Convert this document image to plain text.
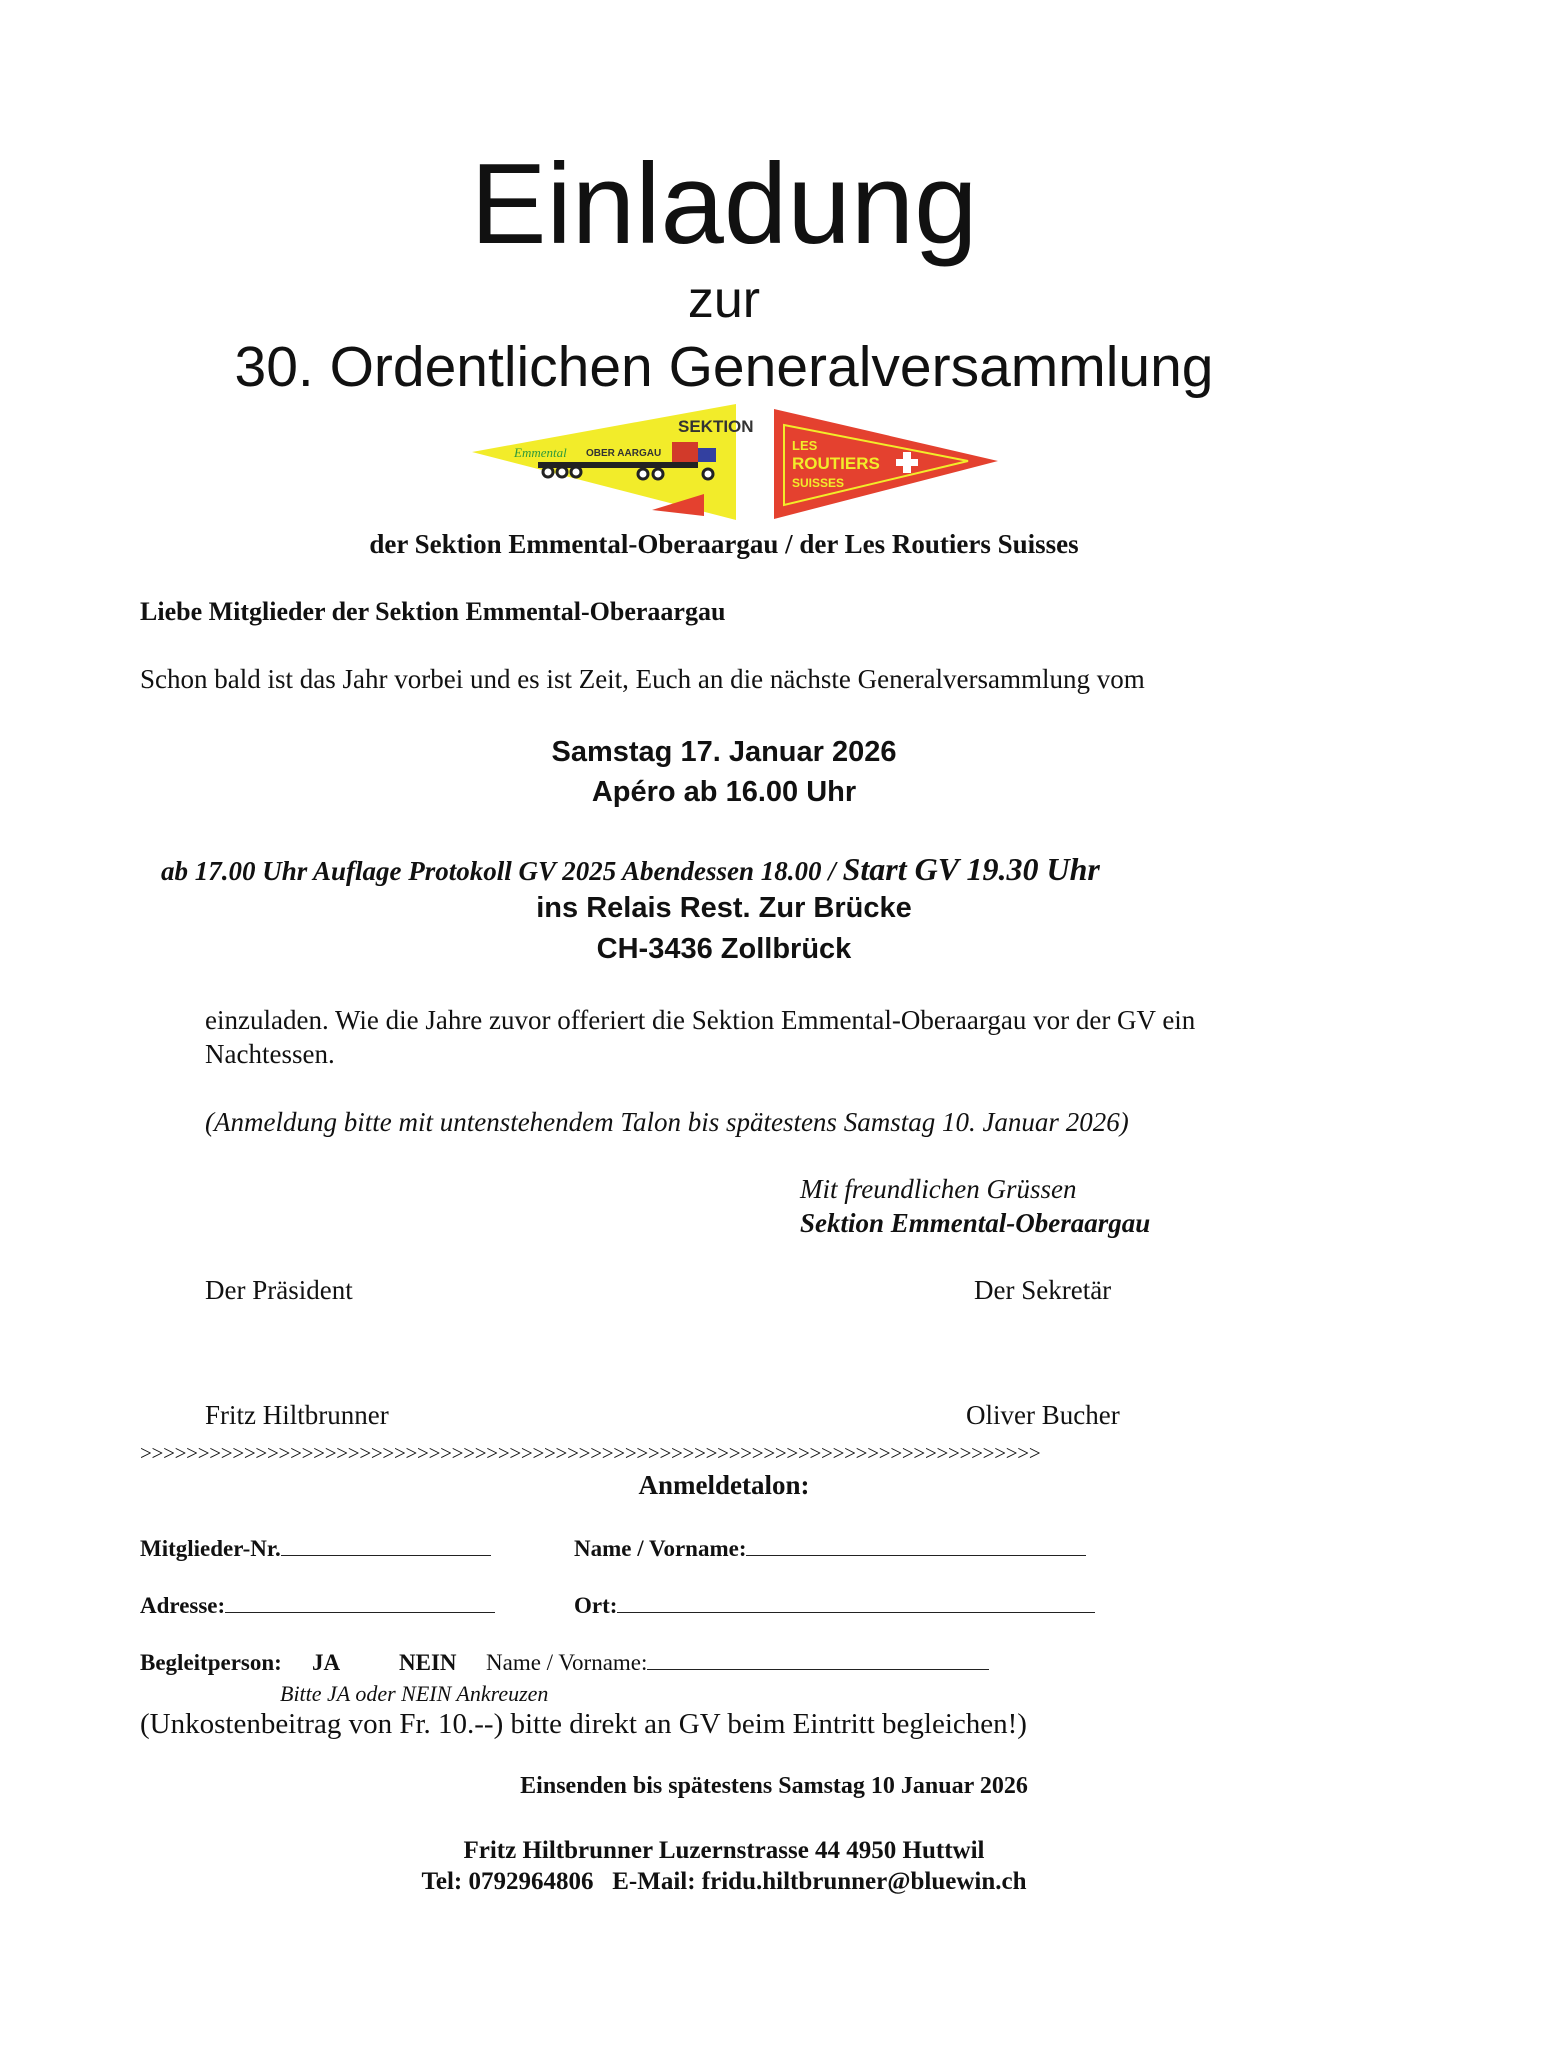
Einladung
zur
30. Ordentlichen Generalversammlung
SEKTION
Emmental OBER AARGAU
LES
ROUTIERS
SUISSES
der Sektion Emmental-Oberaargau / der Les Routiers Suisses
Liebe Mitglieder der Sektion Emmental-Oberaargau
Schon bald ist das Jahr vorbei und es ist Zeit, Euch an die nächste Generalversammlung vom
Samstag 17. Januar 2026
Apéro ab 16.00 Uhr
ab 17.00 Uhr Auflage Protokoll GV 2025 Abendessen 18.00 / Start GV 19.30 Uhr
ins Relais Rest. Zur Brücke
CH-3436 Zollbrück
einzuladen. Wie die Jahre zuvor offeriert die Sektion Emmental-Oberaargau vor der GV ein
Nachtessen.
(Anmeldung bitte mit untenstehendem Talon bis spätestens Samstag 10. Januar 2026)
Mit freundlichen Grüssen
Sektion Emmental-Oberaargau
Der Präsident	Der Sekretär
Fritz Hiltbrunner	Oliver Bucher
>>>>>>>>>>>>>>>>>>>>>>>>>>>>>>>>>>>>>>>>>>>>>>>>>>>>>>>>>>>>>>>>>>>>>>>>>>>>>>
Anmeldetalon:
Mitglieder-Nr.	Name / Vorname:
Adresse:	Ort:
Begleitperson: JA	NEIN Name / Vorname:
Bitte JA oder NEIN Ankreuzen
(Unkostenbeitrag von Fr. 10.--) bitte direkt an GV beim Eintritt begleichen!)
Einsenden bis spätestens Samstag 10 Januar 2026
Fritz Hiltbrunner Luzernstrasse 44 4950 Huttwil
Tel: 0792964806 E-Mail: fridu.hiltbrunner@bluewin.ch
